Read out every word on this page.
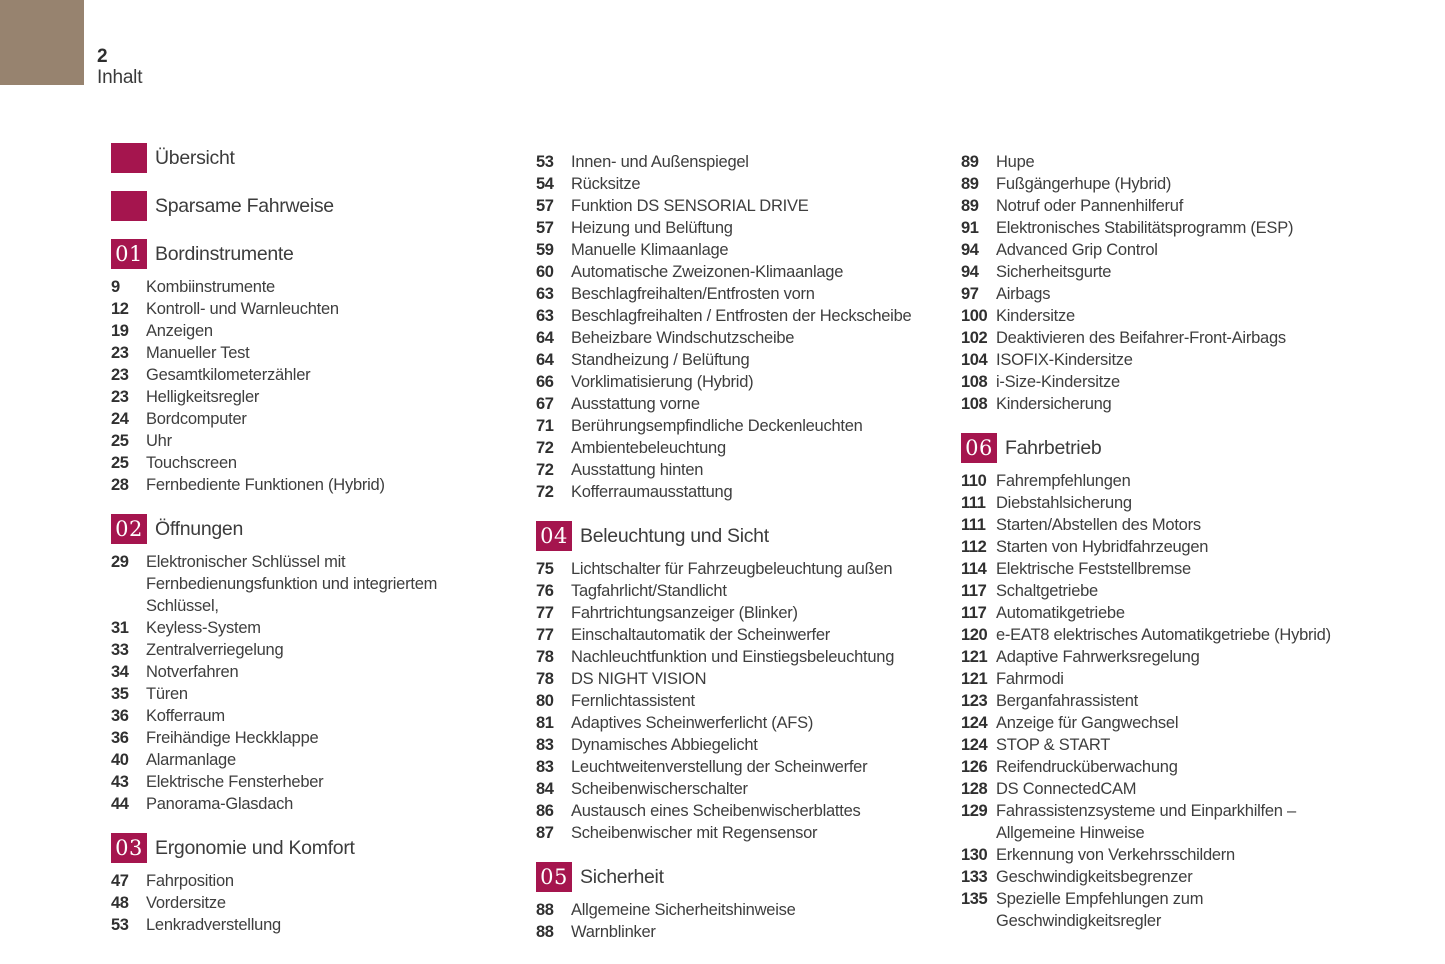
2
Inhalt
Übersicht
Sparsame Fahrweise
01 Bordinstrumente
9	Kombiinstrumente
12	Kontroll- und Warnleuchten
19	Anzeigen
23	Manueller Test
23	Gesamtkilometerzähler
23	Helligkeitsregler
24	Bordcomputer
25	Uhr
25	Touchscreen
28	Fernbediente Funktionen (Hybrid)
02 Öffnungen
29	Elektronischer Schlüssel mit
Fernbedienungsfunktion und integriertem
Schlüssel,
31	Keyless-System
33	Zentralverriegelung
34	Notverfahren
35	Türen
36	Kofferraum
36	Freihändige Heckklappe
40	Alarmanlage
43	Elektrische Fensterheber
44	Panorama-Glasdach
03 Ergonomie und Komfort
47	Fahrposition
48	Vordersitze
53	Lenkradverstellung
53	Innen- und Außenspiegel
54	Rücksitze
57	Funktion DS SENSORIAL DRIVE
57	Heizung und Belüftung
59	Manuelle Klimaanlage
60	Automatische Zweizonen-Klimaanlage
63	Beschlagfreihalten/Entfrosten vorn
63	Beschlagfreihalten / Entfrosten der Heckscheibe
64	Beheizbare Windschutzscheibe
64	Standheizung / Belüftung
66	Vorklimatisierung (Hybrid)
67	Ausstattung vorne
71	Berührungsempfindliche Deckenleuchten
72	Ambientebeleuchtung
72	Ausstattung hinten
72	Kofferraumausstattung
04 Beleuchtung und Sicht
75	Lichtschalter für Fahrzeugbeleuchtung außen
76	Tagfahrlicht/Standlicht
77	Fahrtrichtungsanzeiger (Blinker)
77	Einschaltautomatik der Scheinwerfer
78	Nachleuchtfunktion und Einstiegsbeleuchtung
78	DS NIGHT VISION
80	Fernlichtassistent
81	Adaptives Scheinwerferlicht (AFS)
83	Dynamisches Abbiegelicht
83	Leuchtweitenverstellung der Scheinwerfer
84	Scheibenwischerschalter
86	Austausch eines Scheibenwischerblattes
87	Scheibenwischer mit Regensensor
05 Sicherheit
88	Allgemeine Sicherheitshinweise
88	Warnblinker
89	Hupe
89	Fußgängerhupe (Hybrid)
89	Notruf oder Pannenhilferuf
91	Elektronisches Stabilitätsprogramm (ESP)
94	Advanced Grip Control
94	Sicherheitsgurte
97	Airbags
100 Kindersitze
102 Deaktivieren des Beifahrer-Front-Airbags
104 ISOFIX-Kindersitze
108 i-Size-Kindersitze
108 Kindersicherung
06 Fahrbetrieb
110 Fahrempfehlungen
111 Diebstahlsicherung
111 Starten/Abstellen des Motors
112 Starten von Hybridfahrzeugen
114 Elektrische Feststellbremse
117 Schaltgetriebe
117 Automatikgetriebe
120 e-EAT8 elektrisches Automatikgetriebe (Hybrid)
121 Adaptive Fahrwerksregelung
121 Fahrmodi
123 Berganfahrassistent
124 Anzeige für Gangwechsel
124 STOP & START
126 Reifendrucküberwachung
128 DS ConnectedCAM
129 Fahrassistenzsysteme und Einparkhilfen –
Allgemeine Hinweise
130 Erkennung von Verkehrsschildern
133 Geschwindigkeitsbegrenzer
135 Spezielle Empfehlungen zum
Geschwindigkeitsregler
